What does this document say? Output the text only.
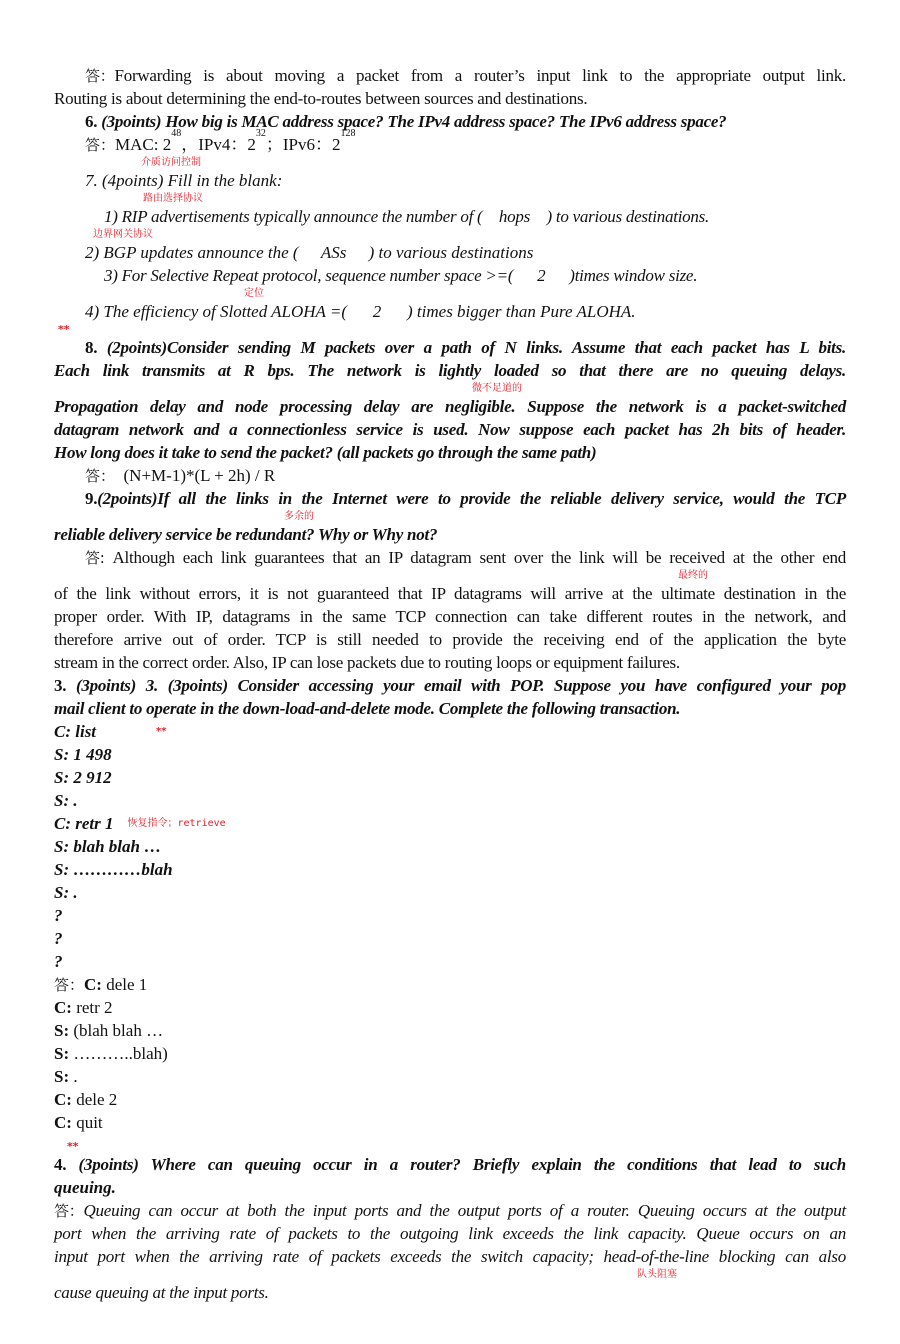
答：Forwarding is about moving a packet from a router’s input link to the appropriate output link.
Routing is about determining the end-to-routes between sources and destinations.
6. (3points) How big is MAC address space? The IPv4 address space? The IPv6 address space?
答：MAC: $2^{48}$，IPv4：$2^{32}$；IPv6：$2^{128}$
介质访问控制
7. (4points) Fill in the blank:
路由选择协议
1) RIP advertisements typically announce the number of ( hops ) to various destinations.
边界网关协议
2) BGP updates announce the ( ASs ) to various destinations
3) For Selective Repeat protocol, sequence number space >=( 2 )times window size.
定位
4) The efficiency of Slotted ALOHA =( 2 ) times bigger than Pure ALOHA.
**
8. (2points)Consider sending M packets over a path of N links. Assume that each packet has L bits.
Each link transmits at R bps. The network is lightly loaded so that there are no queuing delays.
微不足道的
Propagation delay and node processing delay are negligible. Suppose the network is a packet-switched
datagram network and a connectionless service is used. Now suppose each packet has 2h bits of header.
How long does it take to send the packet? (all packets go through the same path)
答： (N+M-1)*(L + 2h) / R
9.(2points)If all the links in the Internet were to provide the reliable delivery service, would the TCP
多余的
reliable delivery service be redundant? Why or Why not?
答: Although each link guarantees that an IP datagram sent over the link will be received at the other end
最终的
of the link without errors, it is not guaranteed that IP datagrams will arrive at the ultimate destination in the
proper order. With IP, datagrams in the same TCP connection can take different routes in the network, and
therefore arrive out of order. TCP is still needed to provide the receiving end of the application the byte
stream in the correct order. Also, IP can lose packets due to routing loops or equipment failures.
3. (3points) 3. (3points) Consider accessing your email with POP. Suppose you have configured your pop
mail client to operate in the down-load-and-delete mode. Complete the following transaction.
C: list	**
S: 1 498
S: 2 912
S: .
C: retr 1 恢复指令；retrieve
S: blah blah …
S: …………blah
S: .
?
?
?
答：C: dele 1
C: retr 2
S: (blah blah …
S: ………..blah)
S: .
C: dele 2
C: quit
**
4. (3points) Where can queuing occur in a router? Briefly explain the conditions that lead to such
queuing.
答：Queuing can occur at both the input ports and the output ports of a router. Queuing occurs at the output
port when the arriving rate of packets to the outgoing link exceeds the link capacity. Queue occurs on an
input port when the arriving rate of packets exceeds the switch capacity; head-of-the-line blocking can also
队头阻塞
cause queuing at the input ports.
